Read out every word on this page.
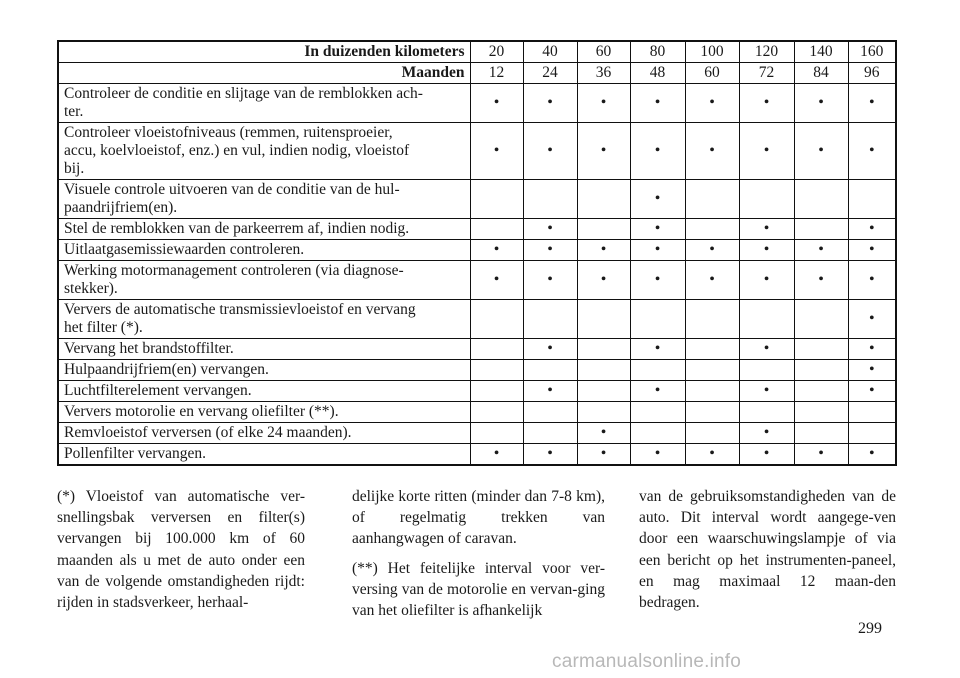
In duizenden kilometers	20	40	60	80	100	120	140	160
Maanden	12	24	36	48	60	72	84	96
Controleer de conditie en slijtage van de remblokken ach-
ter.	•	•	•	•	•	•	•	•
Controleer vloeistofniveaus (remmen, ruitensproeier,
accu, koelvloeistof, enz.) en vul, indien nodig, vloeistof
bij.	•	•	•	•	•	•	•	•
Visuele controle uitvoeren van de conditie van de hul-
paandrijfriem(en).				•				
Stel de remblokken van de parkeerrem af, indien nodig.		•		•		•		•
Uitlaatgasemissiewaarden controleren.	•	•	•	•	•	•	•	•
Werking motormanagement controleren (via diagnose-
stekker).	•	•	•	•	•	•	•	•
Ververs de automatische transmissievloeistof en vervang
het filter (*).								•
Vervang het brandstoffilter.		•		•		•		•
Hulpaandrijfriem(en) vervangen.								•
Luchtfilterelement vervangen.		•		•		•		•
Ververs motorolie en vervang oliefilter (**).								
Remvloeistof verversen (of elke 24 maanden).			•			•		
Pollenfilter vervangen.	•	•	•	•	•	•	•	•

(*) Vloeistof van automatische ver-snellingsbak verversen en filter(s) vervangen bij 100.000 km of 60 maanden als u met de auto onder een van de volgende omstandigheden rijdt: rijden in stadsverkeer, herhaal-

delijke korte ritten (minder dan 7-8 km), of regelmatig trekken van aanhangwagen of caravan.

(**) Het feitelijke interval voor ver-versing van de motorolie en vervan-ging van het oliefilter is afhankelijk

van de gebruiksomstandigheden van de auto. Dit interval wordt aangege-ven door een waarschuwingslampje of via een bericht op het instrumenten-paneel, en mag maximaal 12 maan-den bedragen.

299
carmanualsonline.info
